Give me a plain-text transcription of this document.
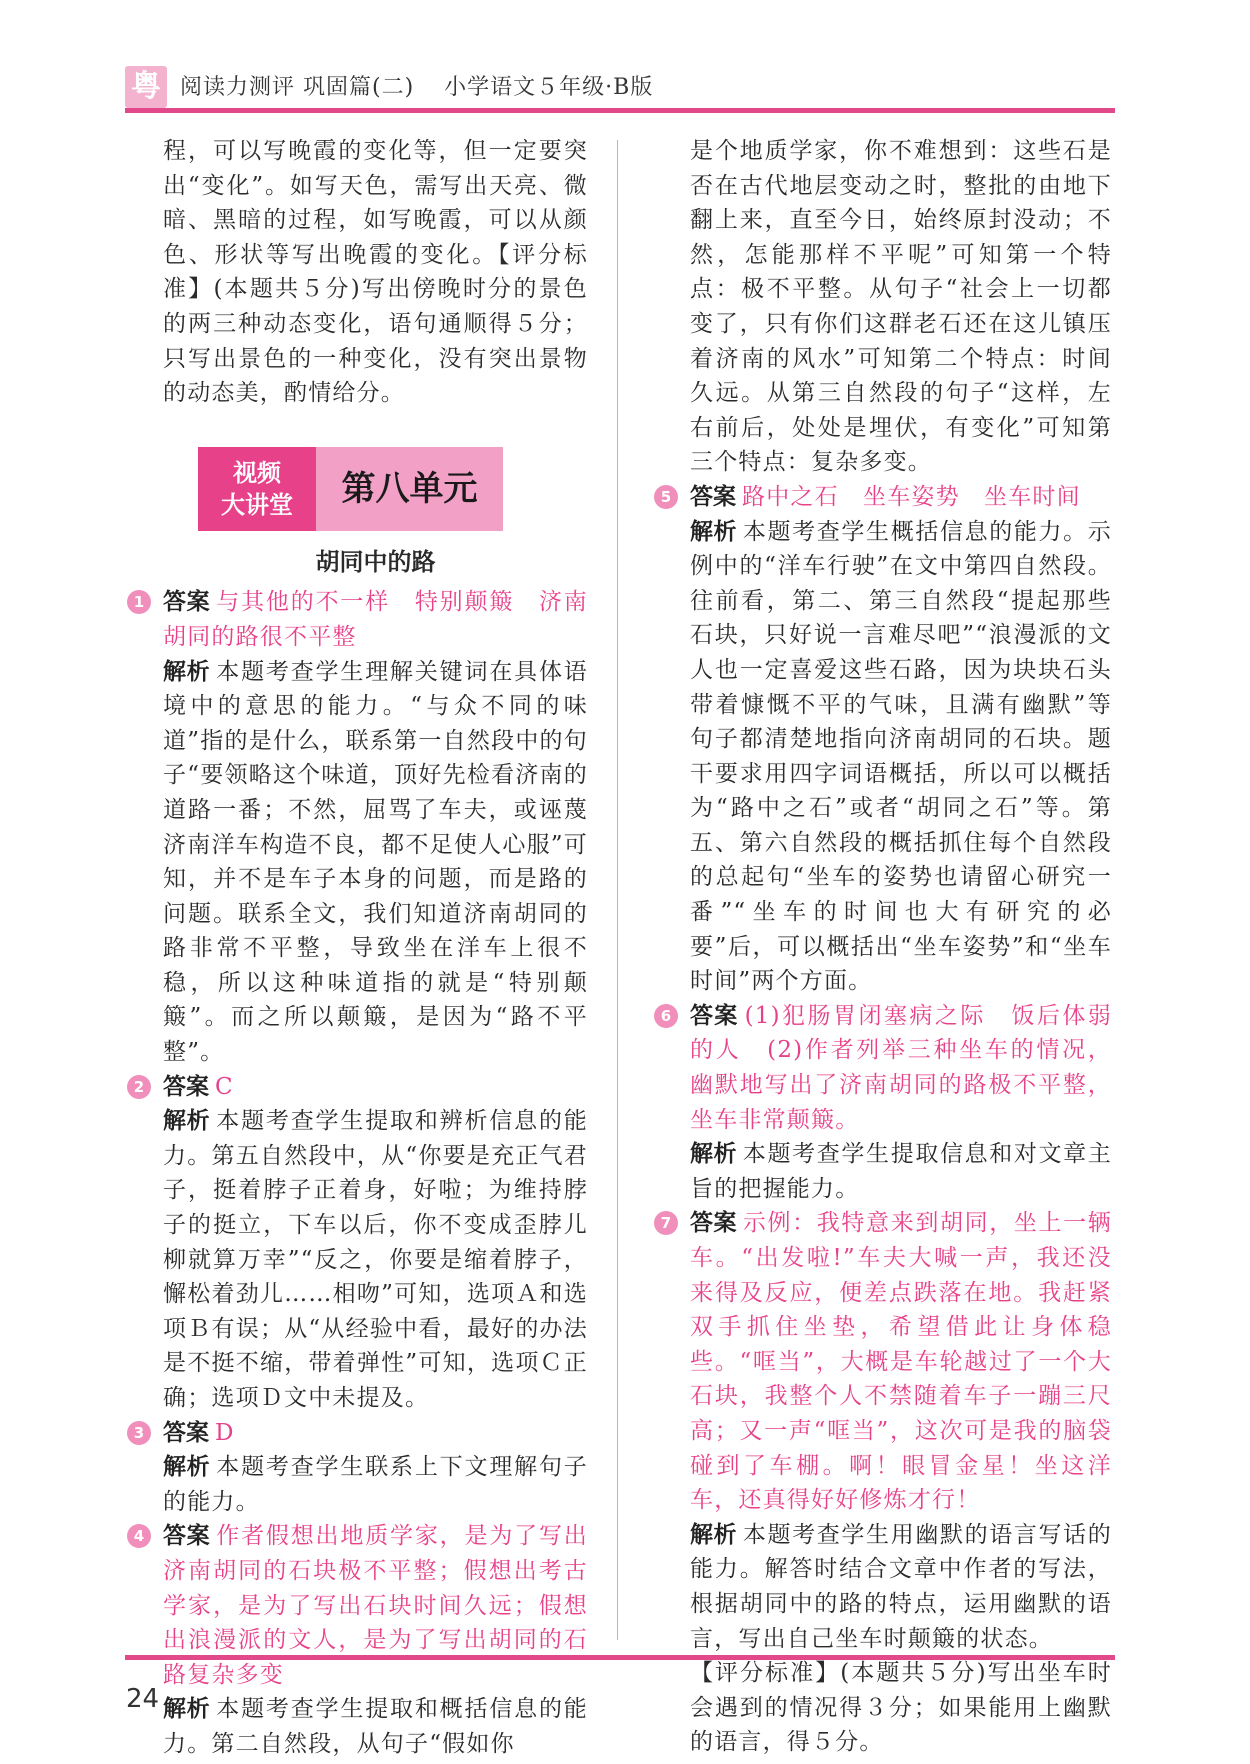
粤 阅读力测评 巩固篇(二) 小学语文５年级·B版

程，可以写晚霞的变化等，但一定要突出“变化”。如写天色，需写出天亮、微暗、黑暗的过程，如写晚霞，可以从颜色、形状等写出晚霞的变化。【评分标准】(本题共５分)写出傍晚时分的景色的两三种动态变化，语句通顺得５分；只写出景色的一种变化，没有突出景物的动态美，酌情给分。

视频
大讲堂	第八单元
胡同中的路
1 答案 与其他的不一样　特别颠簸　济南胡同的路很不平整

解析 本题考查学生理解关键词在具体语境中的意思的能力。“与众不同的味道”指的是什么，联系第一自然段中的句子“要领略这个味道，顶好先检看济南的道路一番；不然，屈骂了车夫，或诬蔑济南洋车构造不良，都不足使人心服”可知，并不是车子本身的问题，而是路的问题。联系全文，我们知道济南胡同的路非常不平整，导致坐在洋车上很不稳，所以这种味道指的就是“特别颠簸”。而之所以颠簸，是因为“路不平整”。

2 答案 C

解析 本题考查学生提取和辨析信息的能力。第五自然段中，从“你要是充正气君子，挺着脖子正着身，好啦；为维持脖子的挺立，下车以后，你不变成歪脖儿柳就算万幸”“反之，你要是缩着脖子，懈松着劲儿……相吻”可知，选项Ａ和选项Ｂ有误；从“从经验中看，最好的办法是不挺不缩，带着弹性”可知，选项Ｃ正确；选项Ｄ文中未提及。

3 答案 D

解析 本题考查学生联系上下文理解句子的能力。

4 答案 作者假想出地质学家，是为了写出济南胡同的石块极不平整；假想出考古学家，是为了写出石块时间久远；假想出浪漫派的文人，是为了写出胡同的石路复杂多变

解析 本题考查学生提取和概括信息的能力。第二自然段，从句子“假如你

是个地质学家，你不难想到：这些石是否在古代地层变动之时，整批的由地下翻上来，直至今日，始终原封没动；不然，怎能那样不平呢”可知第一个特点：极不平整。从句子“社会上一切都变了，只有你们这群老石还在这儿镇压着济南的风水”可知第二个特点：时间久远。从第三自然段的句子“这样，左右前后，处处是埋伏，有变化”可知第三个特点：复杂多变。

5 答案 路中之石　坐车姿势　坐车时间

解析 本题考查学生概括信息的能力。示例中的“洋车行驶”在文中第四自然段。往前看，第二、第三自然段“提起那些石块，只好说一言难尽吧”“浪漫派的文人也一定喜爱这些石路，因为块块石头带着慷慨不平的气味，且满有幽默”等句子都清楚地指向济南胡同的石块。题干要求用四字词语概括，所以可以概括为“路中之石”或者“胡同之石”等。第五、第六自然段的概括抓住每个自然段的总起句“坐车的姿势也请留心研究一番”“坐车的时间也大有研究的必要”后，可以概括出“坐车姿势”和“坐车时间”两个方面。

6 答案 (1)犯肠胃闭塞病之际　饭后体弱的人　(2)作者列举三种坐车的情况，幽默地写出了济南胡同的路极不平整，坐车非常颠簸。

解析 本题考查学生提取信息和对文章主旨的把握能力。

7 答案 示例：我特意来到胡同，坐上一辆车。“出发啦!”车夫大喊一声，我还没来得及反应，便差点跌落在地。我赶紧双手抓住坐垫，希望借此让身体稳些。“哐当”，大概是车轮越过了一个大石块，我整个人不禁随着车子一蹦三尺高；又一声“哐当”，这次可是我的脑袋碰到了车棚。啊！眼冒金星！坐这洋车，还真得好好修炼才行！

解析 本题考查学生用幽默的语言写话的能力。解答时结合文章中作者的写法，根据胡同中的路的特点，运用幽默的语言，写出自己坐车时颠簸的状态。

【评分标准】(本题共５分)写出坐车时会遇到的情况得３分；如果能用上幽默的语言，得５分。

24
